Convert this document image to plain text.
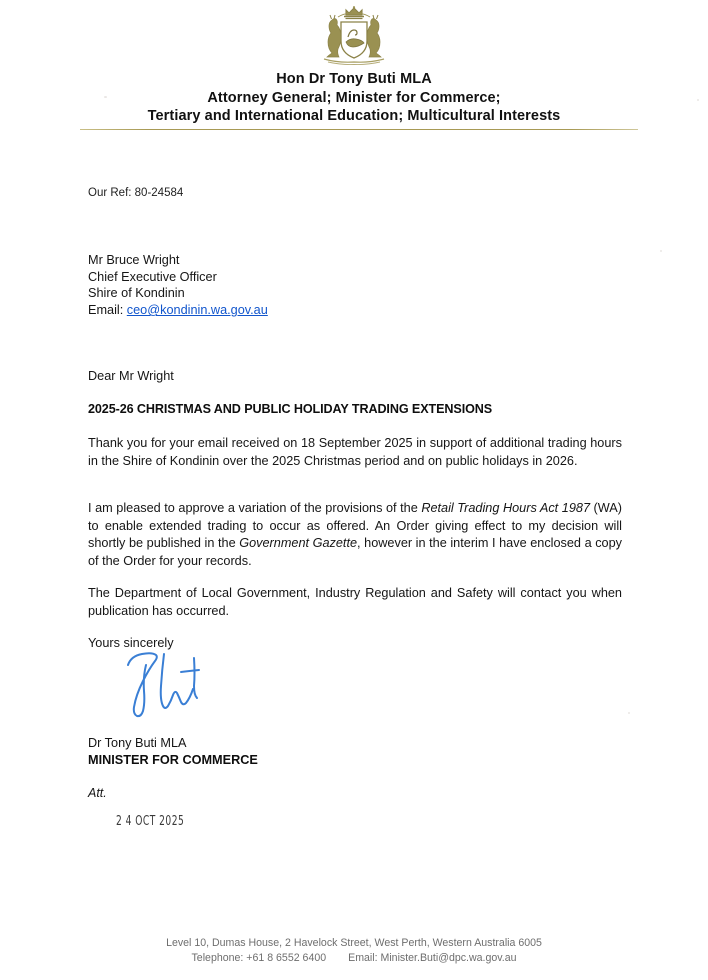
Hon Dr Tony Buti MLA
Attorney General; Minister for Commerce;
Tertiary and International Education; Multicultural Interests
Our Ref: 80-24584
Mr Bruce Wright
Chief Executive Officer
Shire of Kondinin
Email: ceo@kondinin.wa.gov.au
Dear Mr Wright
2025-26 CHRISTMAS AND PUBLIC HOLIDAY TRADING EXTENSIONS
Thank you for your email received on 18 September 2025 in support of additional trading hours in the Shire of Kondinin over the 2025 Christmas period and on public holidays in 2026.
I am pleased to approve a variation of the provisions of the Retail Trading Hours Act 1987 (WA) to enable extended trading to occur as offered. An Order giving effect to my decision will shortly be published in the Government Gazette, however in the interim I have enclosed a copy of the Order for your records.
The Department of Local Government, Industry Regulation and Safety will contact you when publication has occurred.
Yours sincerely
Dr Tony Buti MLA
MINISTER FOR COMMERCE
Att.
2 4 OCT 2025
Level 10, Dumas House, 2 Havelock Street, West Perth, Western Australia 6005
Telephone: +61 8 6552 6400 Email: Minister.Buti@dpc.wa.gov.au
